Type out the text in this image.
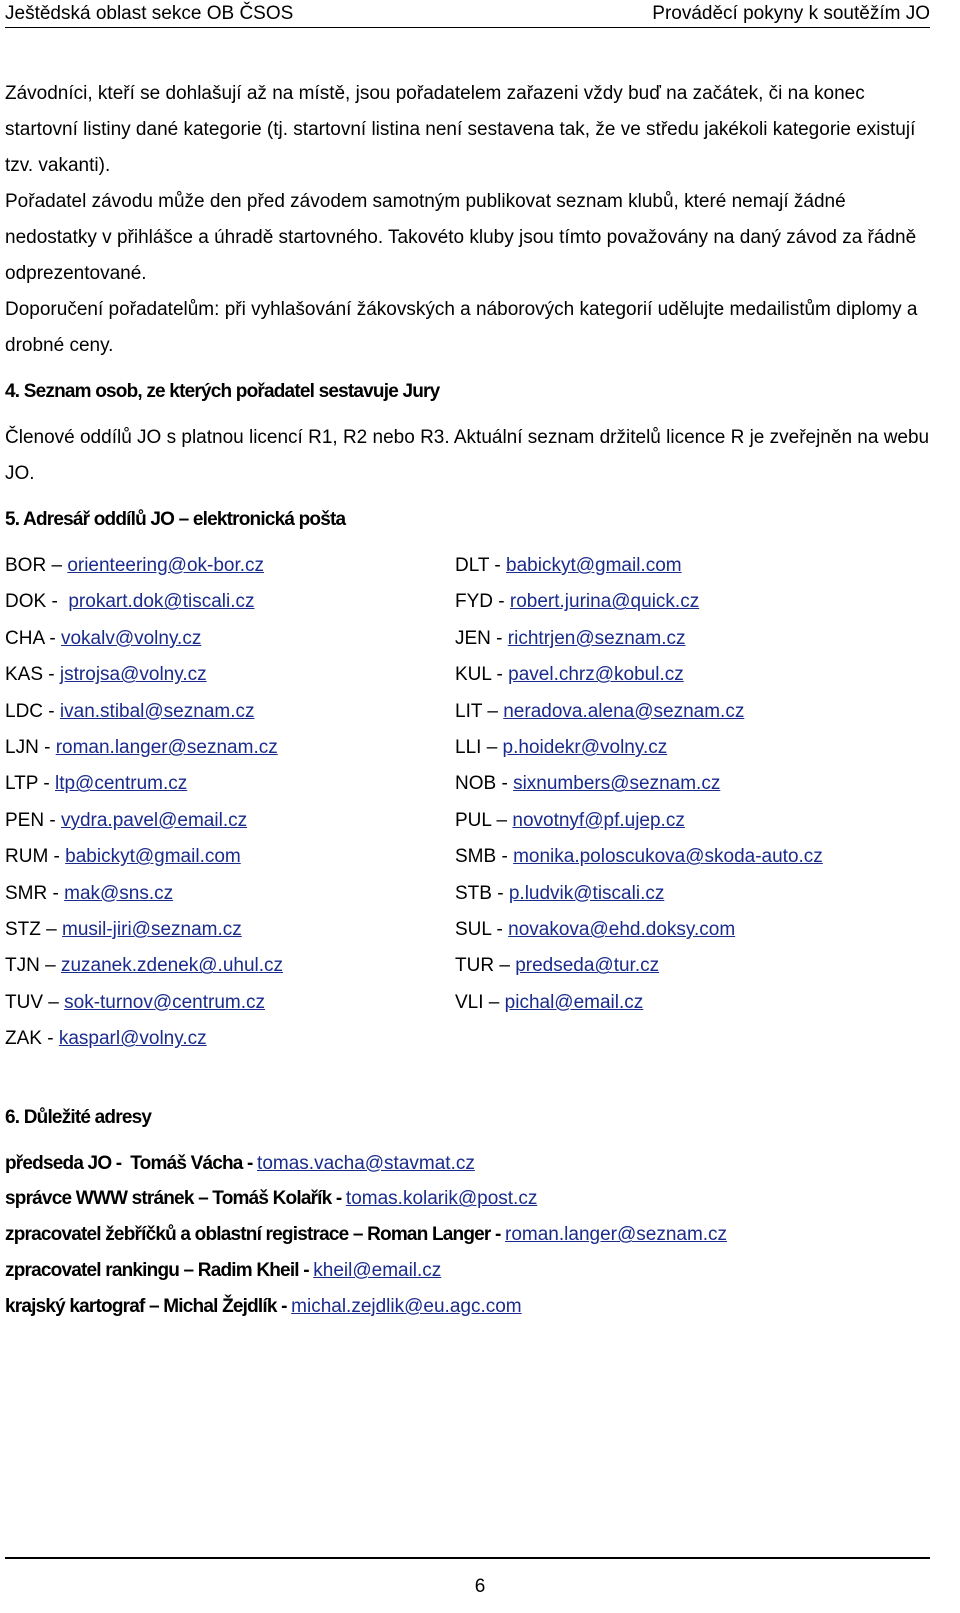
Ještědská oblast sekce OB ČSOS	Prováděcí pokyny k soutěžím JO

Závodníci, kteří se dohlašují až na místě, jsou pořadatelem zařazeni vždy buď na začátek, či na konec startovní listiny dané kategorie (tj. startovní listina není sestavena tak, že ve středu jakékoli kategorie existují tzv. vakanti).

Pořadatel závodu může den před závodem samotným publikovat seznam klubů, které nemají žádné nedostatky v přihlášce a úhradě startovného. Takovéto kluby jsou tímto považovány na daný závod za řádně odprezentované.

Doporučení pořadatelům: při vyhlašování žákovských a náborových kategorií udělujte medailistům diplomy a drobné ceny.

4. Seznam osob, ze kterých pořadatel sestavuje Jury

Členové oddílů JO s platnou licencí R1, R2 nebo R3. Aktuální seznam držitelů licence R je zveřejněn na webu JO.

5. Adresář oddílů JO – elektronická pošta
BOR – orienteering@ok-bor.cz
DOK -  prokart.dok@tiscali.cz
CHA - vokalv@volny.cz
KAS - jstrojsa@volny.cz
LDC - ivan.stibal@seznam.cz
LJN - roman.langer@seznam.cz
LTP - ltp@centrum.cz
PEN - vydra.pavel@email.cz
RUM - babickyt@gmail.com
SMR - mak@sns.cz
STZ – musil-jiri@seznam.cz
TJN – zuzanek.zdenek@.uhul.cz
TUV – sok-turnov@centrum.cz
ZAK - kasparl@volny.cz
DLT - babickyt@gmail.com
FYD - robert.jurina@quick.cz
JEN - richtrjen@seznam.cz
KUL - pavel.chrz@kobul.cz
LIT – neradova.alena@seznam.cz
LLI – p.hoidekr@volny.cz
NOB - sixnumbers@seznam.cz
PUL – novotnyf@pf.ujep.cz
SMB - monika.poloscukova@skoda-auto.cz
STB - p.ludvik@tiscali.cz
SUL - novakova@ehd.doksy.com
TUR – predseda@tur.cz
VLI – pichal@email.cz
6. Důležité adresy
předseda JO -  Tomáš Vácha - tomas.vacha@stavmat.cz
správce WWW stránek – Tomáš Kolařík - tomas.kolarik@post.cz
zpracovatel žebříčků a oblastní registrace – Roman Langer - roman.langer@seznam.cz
zpracovatel rankingu – Radim Kheil - kheil@email.cz
krajský kartograf – Michal Žejdlík - michal.zejdlik@eu.agc.com
6
